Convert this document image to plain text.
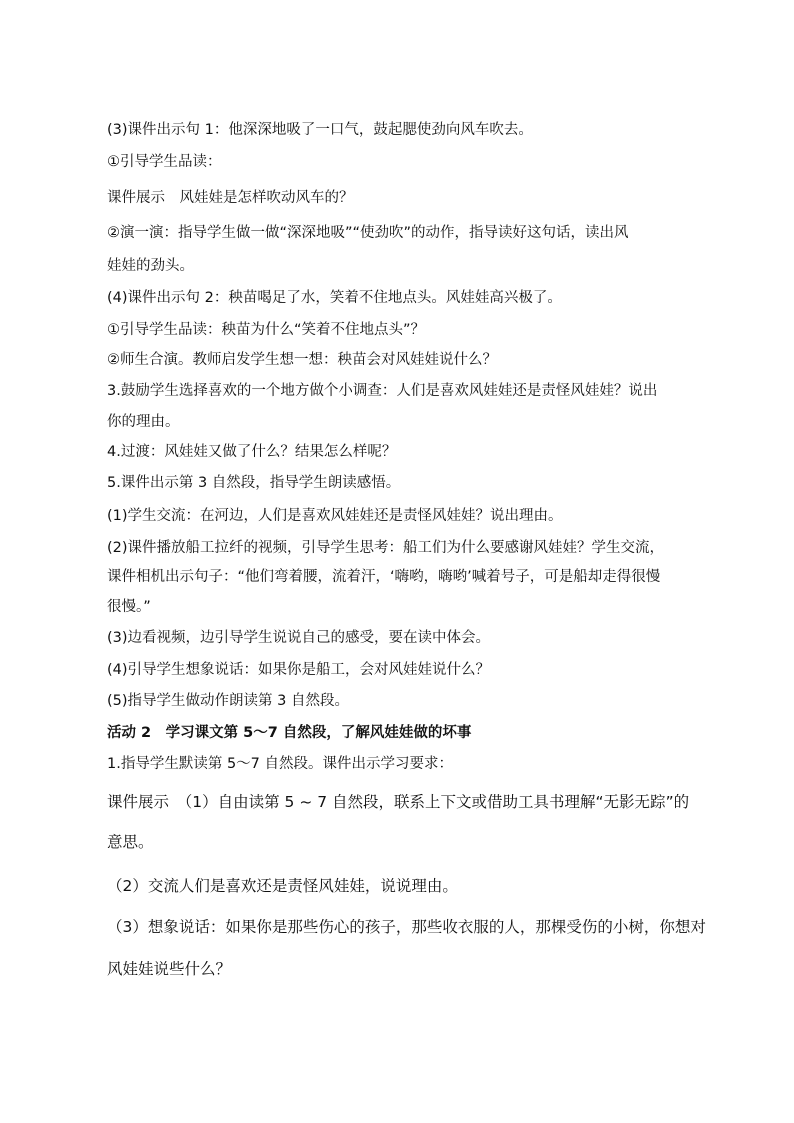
(3)课件出示句 1：他深深地吸了一口气，鼓起腮使劲向风车吹去。
①引导学生品读：
课件展示　风娃娃是怎样吹动风车的？
②演一演：指导学生做一做“深深地吸”“使劲吹”的动作，指导读好这句话，读出风
娃娃的劲头。
(4)课件出示句 2：秧苗喝足了水，笑着不住地点头。风娃娃高兴极了。
①引导学生品读：秧苗为什么“笑着不住地点头”？
②师生合演。教师启发学生想一想：秧苗会对风娃娃说什么？
3.鼓励学生选择喜欢的一个地方做个小调查：人们是喜欢风娃娃还是责怪风娃娃？说出
你的理由。
4.过渡：风娃娃又做了什么？结果怎么样呢？
5.课件出示第 3 自然段，指导学生朗读感悟。
(1)学生交流：在河边，人们是喜欢风娃娃还是责怪风娃娃？说出理由。
(2)课件播放船工拉纤的视频，引导学生思考：船工们为什么要感谢风娃娃？学生交流，
课件相机出示句子：“他们弯着腰，流着汗，‘嗨哟，嗨哟’喊着号子，可是船却走得很慢
很慢。”
(3)边看视频，边引导学生说说自己的感受，要在读中体会。
(4)引导学生想象说话：如果你是船工，会对风娃娃说什么？
(5)指导学生做动作朗读第 3 自然段。
活动 2　学习课文第 5～7 自然段，了解风娃娃做的坏事
1.指导学生默读第 5～7 自然段。课件出示学习要求：
课件展示　（1）自由读第 5 ~ 7 自然段，联系上下文或借助工具书理解“无影无踪”的
意思。
（2）交流人们是喜欢还是责怪风娃娃，说说理由。
（3）想象说话：如果你是那些伤心的孩子，那些收衣服的人，那棵受伤的小树，你想对
风娃娃说些什么？
